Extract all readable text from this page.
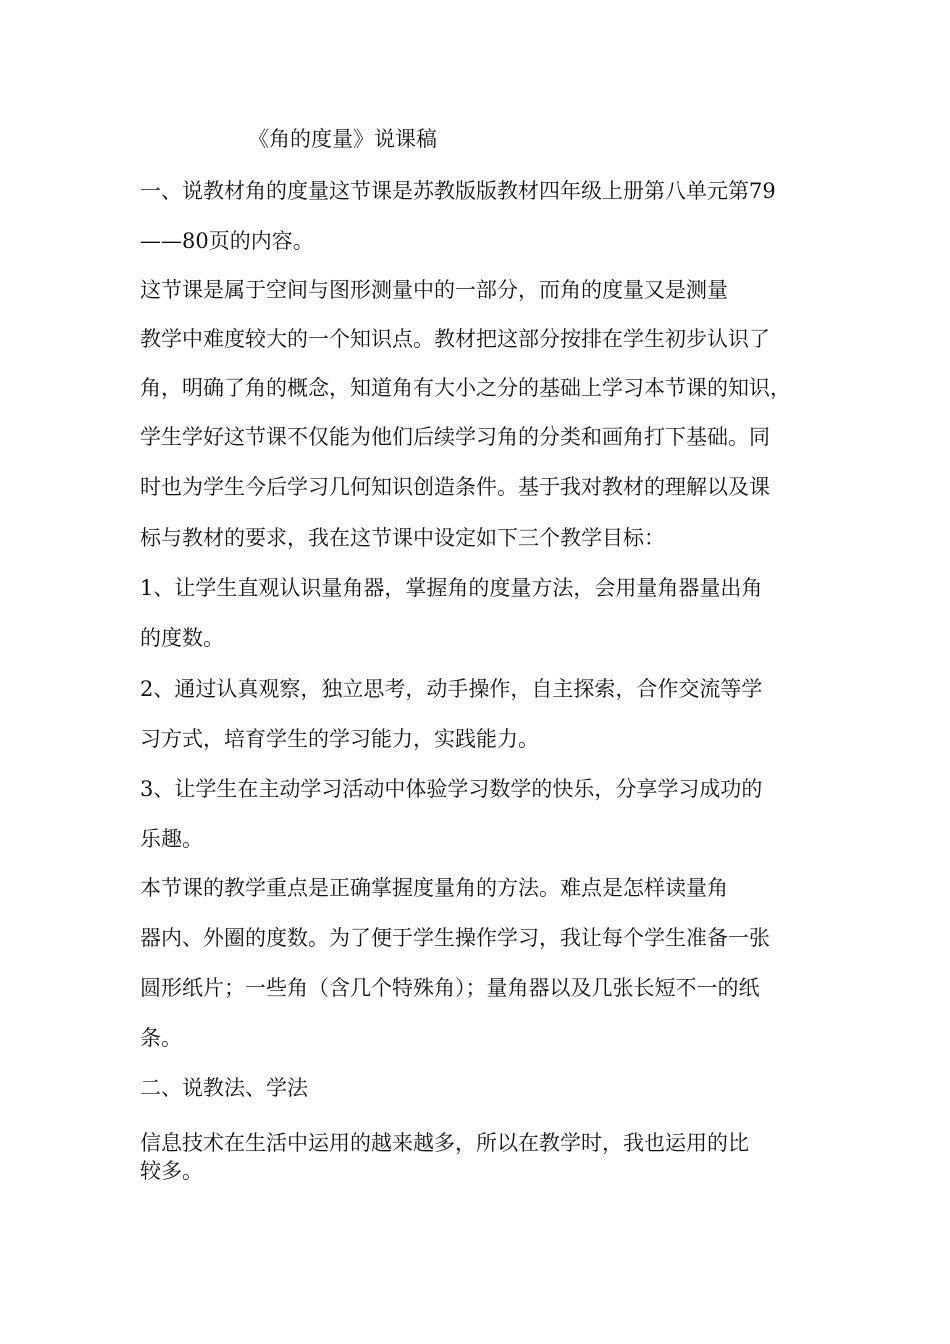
《角的度量》说课稿
一、说教材角的度量这节课是苏教版版教材四年级上册第八单元第79
——80页的内容。
这节课是属于空间与图形测量中的一部分，而角的度量又是测量
教学中难度较大的一个知识点。教材把这部分按排在学生初步认识了
角，明确了角的概念，知道角有大小之分的基础上学习本节课的知识，
学生学好这节课不仅能为他们后续学习角的分类和画角打下基础。同
时也为学生今后学习几何知识创造条件。基于我对教材的理解以及课
标与教材的要求，我在这节课中设定如下三个教学目标：
1、让学生直观认识量角器，掌握角的度量方法，会用量角器量出角
的度数。
2、通过认真观察，独立思考，动手操作，自主探索，合作交流等学
习方式，培育学生的学习能力，实践能力。
3、让学生在主动学习活动中体验学习数学的快乐，分享学习成功的
乐趣。
本节课的教学重点是正确掌握度量角的方法。难点是怎样读量角
器内、外圈的度数。为了便于学生操作学习，我让每个学生准备一张
圆形纸片；一些角（含几个特殊角）；量角器以及几张长短不一的纸
条。
二、说教法、学法
信息技术在生活中运用的越来越多，所以在教学时，我也运用的比
较多。
